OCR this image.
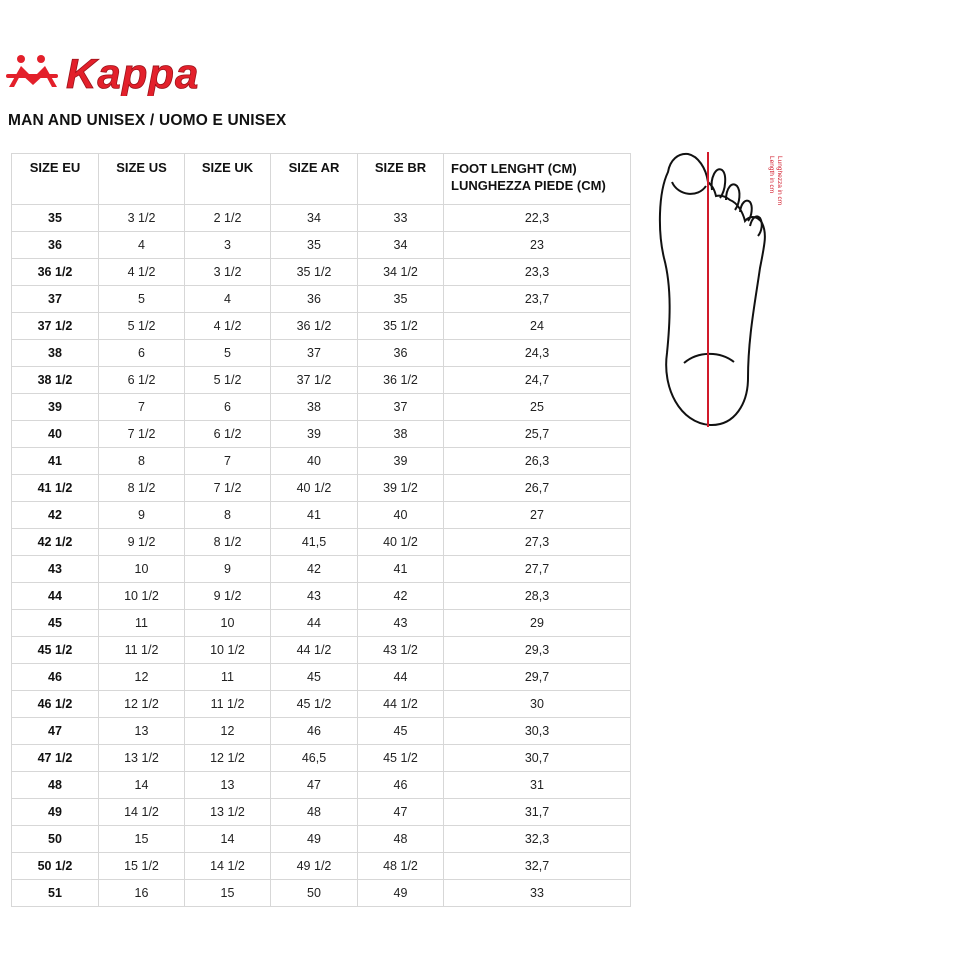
Kappa
MAN AND UNISEX / UOMO E UNISEX
SIZE EU	SIZE US	SIZE UK	SIZE AR	SIZE BR	FOOT LENGHT (CM)
LUNGHEZZA PIEDE (CM)
35	3 1/2	2 1/2	34	33	22,3
36	4	3	35	34	23
36 1/2	4 1/2	3 1/2	35 1/2	34 1/2	23,3
37	5	4	36	35	23,7
37 1/2	5 1/2	4 1/2	36 1/2	35 1/2	24
38	6	5	37	36	24,3
38 1/2	6 1/2	5 1/2	37 1/2	36 1/2	24,7
39	7	6	38	37	25
40	7 1/2	6 1/2	39	38	25,7
41	8	7	40	39	26,3
41 1/2	8 1/2	7 1/2	40 1/2	39 1/2	26,7
42	9	8	41	40	27
42 1/2	9 1/2	8 1/2	41,5	40 1/2	27,3
43	10	9	42	41	27,7
44	10 1/2	9 1/2	43	42	28,3
45	11	10	44	43	29
45 1/2	11 1/2	10 1/2	44 1/2	43 1/2	29,3
46	12	11	45	44	29,7
46 1/2	12 1/2	11 1/2	45 1/2	44 1/2	30
47	13	12	46	45	30,3
47 1/2	13 1/2	12 1/2	46,5	45 1/2	30,7
48	14	13	47	46	31
49	14 1/2	13 1/2	48	47	31,7
50	15	14	49	48	32,3
50 1/2	15 1/2	14 1/2	49 1/2	48 1/2	32,7
51	16	15	50	49	33
Length in cm Lunghezza in cm
